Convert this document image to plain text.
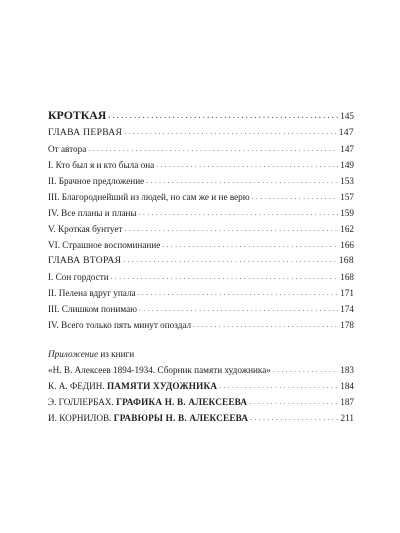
КРОТКАЯ . . .	145
ГЛАВА ПЕРВАЯ . . .	147
От автора . . .	147
I. Кто был я и кто была она . . .	149
II. Брачное предложение . . .	153
III. Благороднейший из людей, но сам же и не верю . . .	157
IV. Все планы и планы . . .	159
V. Кроткая бунтует . . .	162
VI. Страшное воспоминание . . .	166
ГЛАВА ВТОРАЯ . . .	168
I. Сон гордости . . .	168
II. Пелена вдруг упала . . .	171
III. Слишком понимаю . . .	174
IV. Всего только пять минут опоздал . . .	178
Приложение из книги
«Н. В. Алексеев 1894-1934. Сборник памяти художника» . . .	183
К. А. ФЕДИН. ПАМЯТИ ХУДОЖНИКА . . .	184
Э. ГОЛЛЕРБАХ. ГРАФИКА Н. В. АЛЕКСЕЕВА . . .	187
И. КОРНИЛОВ. ГРАВЮРЫ Н. В. АЛЕКСЕЕВА . . .	211
